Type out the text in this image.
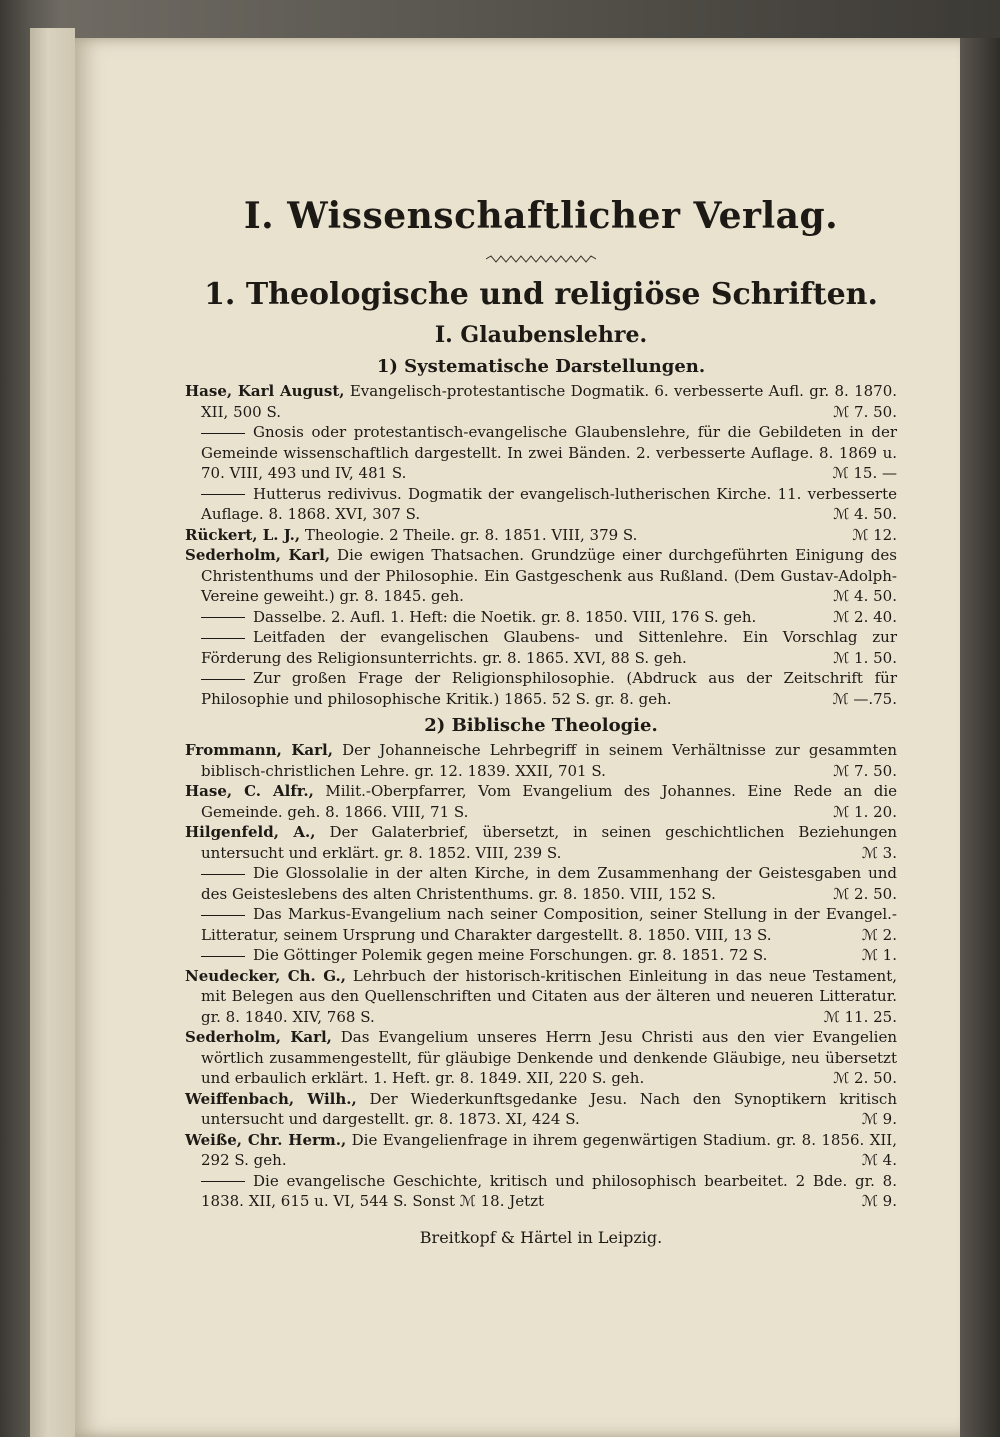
I. Wissenschaftlicher Verlag.
1. Theologische und religiöse Schriften.
I. Glaubenslehre.
1) Systematische Darstellungen.

Hase, Karl August, Evangelisch-protestantische Dogmatik. 6. verbesserte Aufl. gr. 8. 1870. XII, 500 S.	ℳ 7. 50.

Gnosis oder protestantisch-evangelische Glaubenslehre, für die Gebildeten in der Gemeinde wissenschaftlich dargestellt. In zwei Bänden. 2. verbesserte Auflage. 8. 1869 u. 70. VIII, 493 und IV, 481 S.	ℳ 15. —

Hutterus redivivus. Dogmatik der evangelisch-lutherischen Kirche. 11. verbesserte Auflage. 8. 1868. XVI, 307 S.	ℳ 4. 50.

Rückert, L. J., Theologie. 2 Theile. gr. 8. 1851. VIII, 379 S.	ℳ 12.

Sederholm, Karl, Die ewigen Thatsachen. Grundzüge einer durchgeführten Einigung des Christenthums und der Philosophie. Ein Gastgeschenk aus Rußland. (Dem Gustav-Adolph-Vereine geweiht.) gr. 8. 1845. geh.	ℳ 4. 50.

Dasselbe. 2. Aufl. 1. Heft: die Noetik. gr. 8. 1850. VIII, 176 S. geh.	ℳ 2. 40.

Leitfaden der evangelischen Glaubens- und Sittenlehre. Ein Vorschlag zur Förderung des Religionsunterrichts. gr. 8. 1865. XVI, 88 S. geh.	ℳ 1. 50.

Zur großen Frage der Religionsphilosophie. (Abdruck aus der Zeitschrift für Philosophie und philosophische Kritik.) 1865. 52 S. gr. 8. geh.	ℳ —.75.

2) Biblische Theologie.

Frommann, Karl, Der Johanneische Lehrbegriff in seinem Verhältnisse zur gesammten biblisch-christlichen Lehre. gr. 12. 1839. XXII, 701 S.	ℳ 7. 50.

Hase, C. Alfr., Milit.-Oberpfarrer, Vom Evangelium des Johannes. Eine Rede an die Gemeinde. geh. 8. 1866. VIII, 71 S.	ℳ 1. 20.

Hilgenfeld, A., Der Galaterbrief, übersetzt, in seinen geschichtlichen Beziehungen untersucht und erklärt. gr. 8. 1852. VIII, 239 S.	ℳ 3.

Die Glossolalie in der alten Kirche, in dem Zusammenhang der Geistesgaben und des Geisteslebens des alten Christenthums. gr. 8. 1850. VIII, 152 S.	ℳ 2. 50.

Das Markus-Evangelium nach seiner Composition, seiner Stellung in der Evangel.-Litteratur, seinem Ursprung und Charakter dargestellt. 8. 1850. VIII, 13 S.	ℳ 2.

Die Göttinger Polemik gegen meine Forschungen. gr. 8. 1851. 72 S.	ℳ 1.

Neudecker, Ch. G., Lehrbuch der historisch-kritischen Einleitung in das neue Testament, mit Belegen aus den Quellenschriften und Citaten aus der älteren und neueren Litteratur. gr. 8. 1840. XIV, 768 S.	ℳ 11. 25.

Sederholm, Karl, Das Evangelium unseres Herrn Jesu Christi aus den vier Evangelien wörtlich zusammengestellt, für gläubige Denkende und denkende Gläubige, neu übersetzt und erbaulich erklärt. 1. Heft. gr. 8. 1849. XII, 220 S. geh.	ℳ 2. 50.

Weiffenbach, Wilh., Der Wiederkunftsgedanke Jesu. Nach den Synoptikern kritisch untersucht und dargestellt. gr. 8. 1873. XI, 424 S.	ℳ 9.

Weiße, Chr. Herm., Die Evangelienfrage in ihrem gegenwärtigen Stadium. gr. 8. 1856. XII, 292 S. geh.	ℳ 4.

Die evangelische Geschichte, kritisch und philosophisch bearbeitet. 2 Bde. gr. 8. 1838. XII, 615 u. VI, 544 S. Sonst ℳ 18. Jetzt	ℳ 9.

Breitkopf & Härtel in Leipzig.
